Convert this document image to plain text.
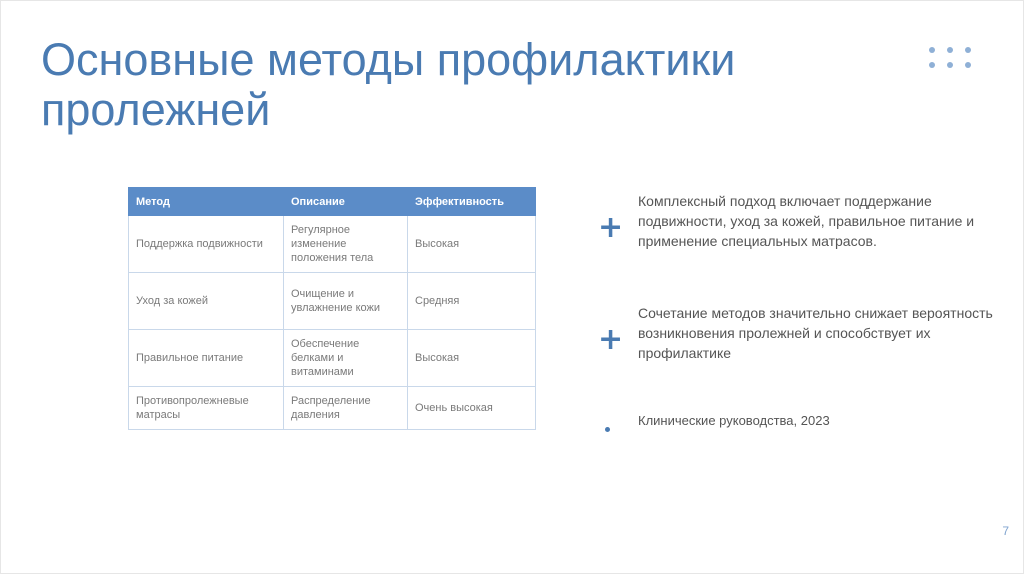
Основные методы профилактики пролежней
Метод	Описание	Эффективность
Поддержка подвижности	Регулярное изменение положения тела	Высокая
Уход за кожей	Очищение и увлажнение кожи	Средняя
Правильное питание	Обеспечение белками и витаминами	Высокая
Противопролежневые матрасы	Распределение давления	Очень высокая
+
Комплексный подход включает поддержание подвижности, уход за кожей, правильное питание и применение специальных матрасов.
+
Сочетание методов значительно снижает вероятность возникновения пролежней и способствует их профилактике
Клинические руководства, 2023
7
